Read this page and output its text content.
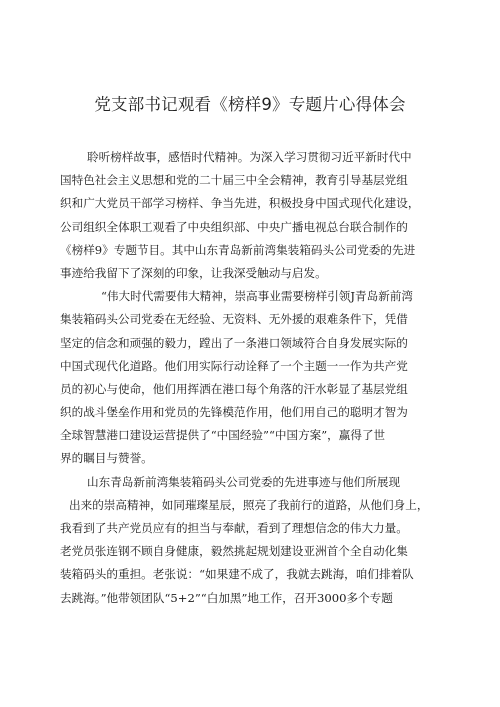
党支部书记观看《榜样9》专题片心得体会
聆听榜样故事，感悟时代精神。为深入学习贯彻习近平新时代中
国特色社会主义思想和党的二十届三中全会精神，教育引导基层党组
织和广大党员干部学习榜样、争当先进，积极投身中国式现代化建设，
公司组织全体职工观看了中央组织部、中央广播电视总台联合制作的
《榜样9》专题节目。其中山东青岛新前湾集装箱码头公司党委的先进
事迹给我留下了深刻的印象，让我深受触动与启发。
“伟大时代需要伟大精神，崇高事业需要榜样引领J青岛新前湾
集装箱码头公司党委在无经验、无资料、无外援的艰难条件下，凭借
坚定的信念和顽强的毅力，蹚出了一条港口领域符合自身发展实际的
中国式现代化道路。他们用实际行动诠释了一个主题一一作为共产党
员的初心与使命，他们用挥洒在港口每个角落的汗水彰显了基层党组
织的战斗堡垒作用和党员的先锋模范作用，他们用自己的聪明才智为
全球智慧港口建设运营提供了“中国经验”“中国方案”，赢得了世
界的瞩目与赞誉。
山东青岛新前湾集装箱码头公司党委的先进事迹与他们所展现
出来的崇高精神，如同璀璨星辰，照亮了我前行的道路，从他们身上，
我看到了共产党员应有的担当与奉献，看到了理想信念的伟大力量。
老党员张连钢不顾自身健康，毅然挑起规划建设亚洲首个全自动化集
装箱码头的重担。老张说：“如果建不成了，我就去跳海，咱们排着队
去跳海。”他带领团队“5+2”“白加黑”地工作，召开3000多个专题
